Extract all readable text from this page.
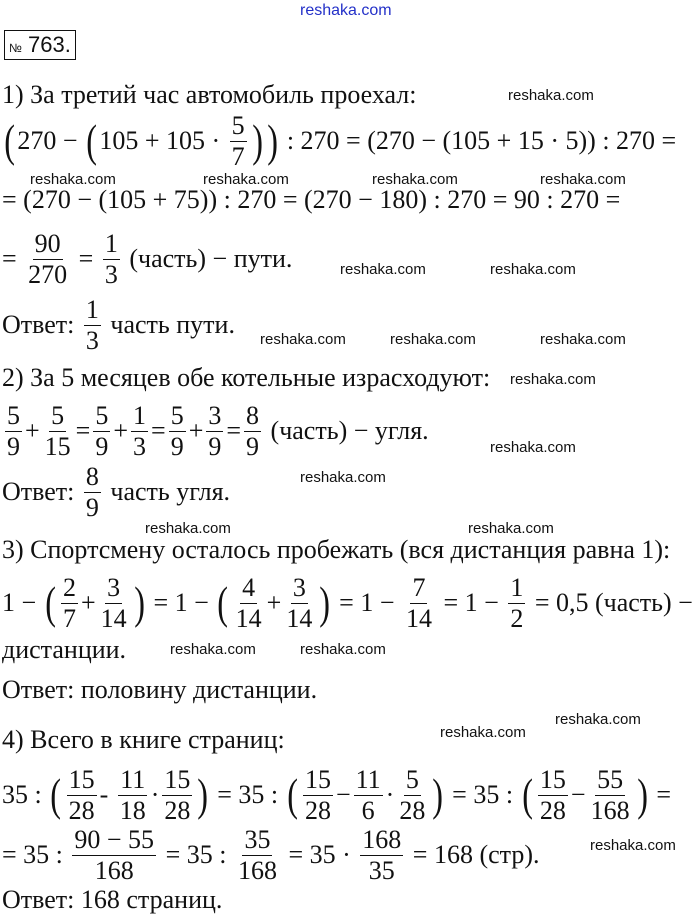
reshaka.com
№ 763.
1) За третий час автомобиль проехал:
( 270 − ( $105 + 105 \cdot \frac{5}{7}$ ) ) : 270 = (270 − (105 + 15 · 5)) : 270 =
= (270 − (105 + 75)) : 270 = (270 − 180) : 270 = 90 : 270 =
= $\frac{90}{270} = \frac{1}{3}$ (часть) − пути.
Ответ: $\frac{1}{3}$ часть пути.
2) За 5 месяцев обе котельные израсходуют:
$\frac{5}{9} + \frac{5}{15} = \frac{5}{9} + \frac{1}{3} = \frac{5}{9} + \frac{3}{9} = \frac{8}{9}$ (часть) − угля.
Ответ: $\frac{8}{9}$ часть угля.
3) Спортсмену осталось пробежать (вся дистанция равна 1):
1 − ( $\frac{2}{7} + \frac{3}{14}$ ) = 1 − ( $\frac{4}{14} + \frac{3}{14}$ ) = $1 - \frac{7}{14} = 1 - \frac{1}{2} = 0,5$ (часть) −
дистанции.
Ответ: половину дистанции.
4) Всего в книге страниц:
35 : ( $\frac{15}{28} - \frac{11}{18} \cdot \frac{15}{28}$ ) = 35 : ( $\frac{15}{28} - \frac{11}{6} \cdot \frac{5}{28}$ ) = 35 : ( $\frac{15}{28} - \frac{55}{168}$ ) =
= 35 : $\frac{90 - 55}{168} = 35$ : $\frac{35}{168} = 35 \cdot \frac{168}{35} = 168$ (стр).
Ответ: 168 страниц.
reshaka.com
reshaka.com	reshaka.com	reshaka.com	reshaka.com
reshaka.com	reshaka.com
reshaka.com	reshaka.com	reshaka.com
reshaka.com
reshaka.com
reshaka.com
reshaka.com	reshaka.com
reshaka.com	reshaka.com
reshaka.com
reshaka.com
reshaka.com
